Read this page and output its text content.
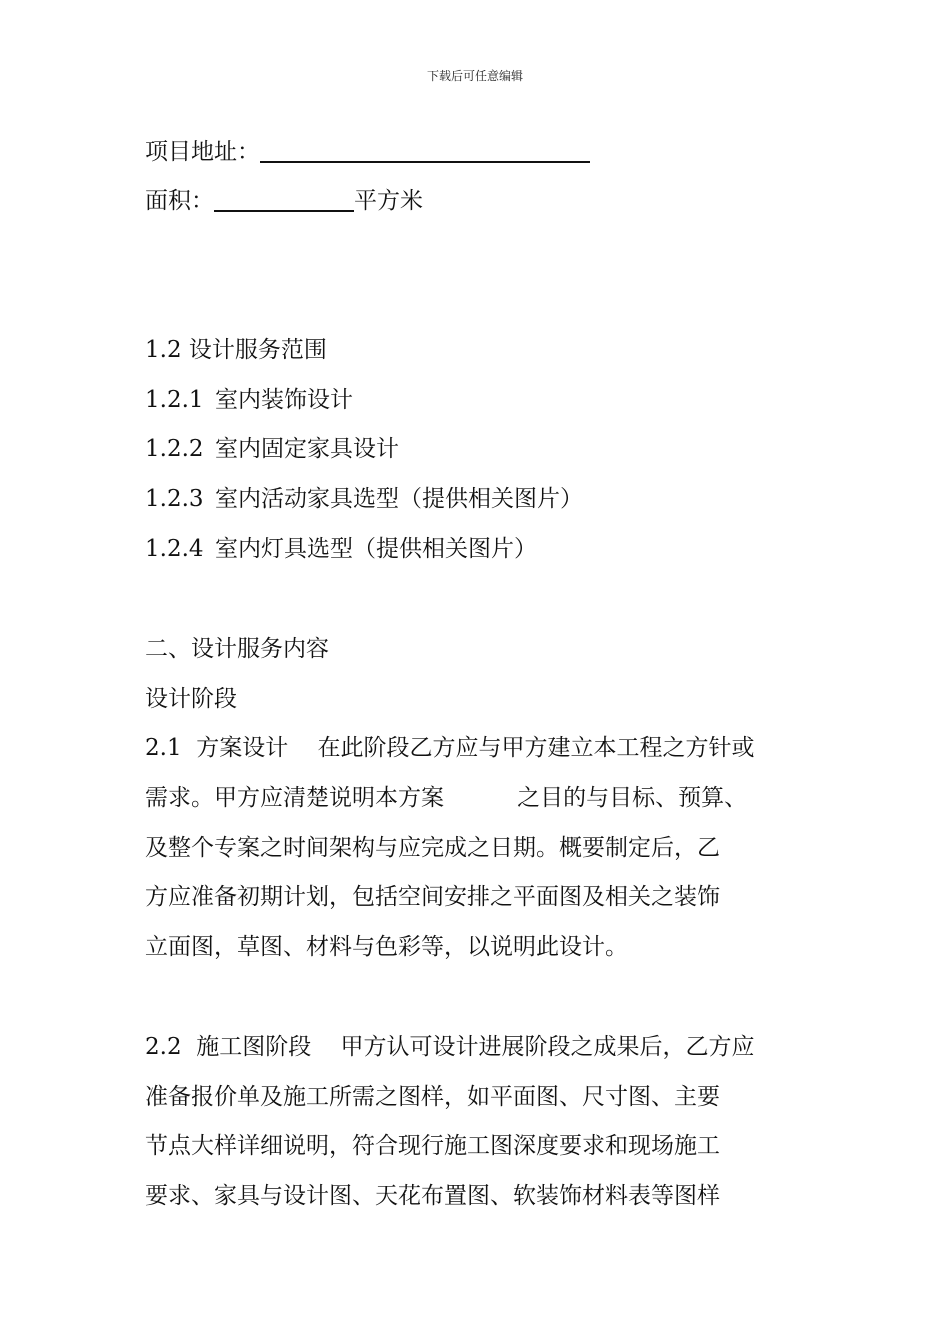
下载后可任意编辑
项目地址：
面积：	平方米
1.2 设计服务范围
1.2.1 室内装饰设计
1.2.2 室内固定家具设计
1.2.3 室内活动家具选型（提供相关图片）
1.2.4 室内灯具选型（提供相关图片）
二、设计服务内容
设计阶段
2.1  方案设计    在此阶段乙方应与甲方建立本工程之方针或
需求。甲方应清楚说明本方案          之目的与目标、预算、
及整个专案之时间架构与应完成之日期。概要制定后，乙
方应准备初期计划，包括空间安排之平面图及相关之装饰
立面图，草图、材料与色彩等，以说明此设计。
2.2  施工图阶段    甲方认可设计进展阶段之成果后，乙方应
准备报价单及施工所需之图样，如平面图、尺寸图、主要
节点大样详细说明，符合现行施工图深度要求和现场施工
要求、家具与设计图、天花布置图、软装饰材料表等图样
